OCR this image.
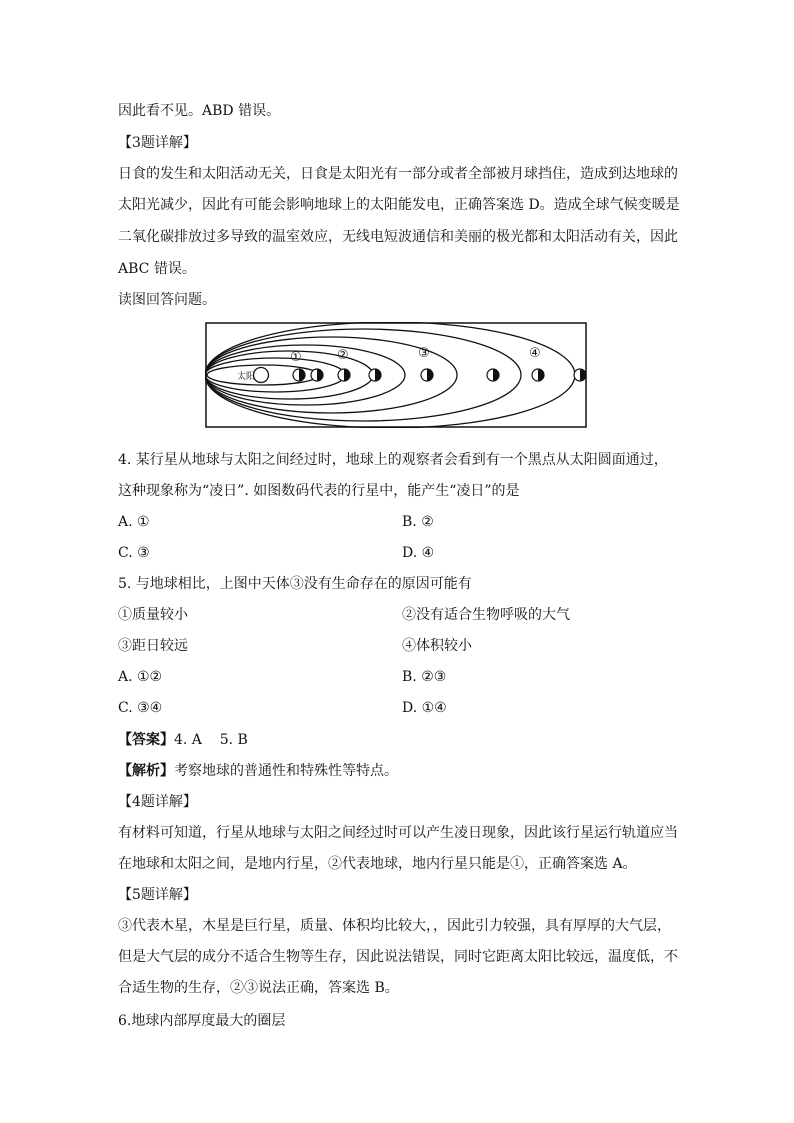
因此看不见。ABD 错误。
【3题详解】
日食的发生和太阳活动无关，日食是太阳光有一部分或者全部被月球挡住，造成到达地球的
太阳光减少，因此有可能会影响地球上的太阳能发电，正确答案选 D。造成全球气候变暖是
二氧化碳排放过多导致的温室效应，无线电短波通信和美丽的极光都和太阳活动有关，因此
ABC 错误。
读图回答问题。
太阳
①	②	③	④
4. 某行星从地球与太阳之间经过时，地球上的观察者会看到有一个黑点从太阳圆面通过，
这种现象称为“凌日”. 如图数码代表的行星中，能产生“凌日”的是
A. ①	B. ②
C. ③	D. ④
5. 与地球相比，上图中天体③没有生命存在的原因可能有
①质量较小	②没有适合生物呼吸的大气
③距日较远	④体积较小
A. ①②	B. ②③
C. ③④	D. ①④
【答案】4. A    5. B
【解析】考察地球的普通性和特殊性等特点。
【4题详解】
有材料可知道，行星从地球与太阳之间经过时可以产生凌日现象，因此该行星运行轨道应当
在地球和太阳之间，是地内行星，②代表地球，地内行星只能是①，正确答案选 A。
【5题详解】
③代表木星，木星是巨行星，质量、体积均比较大，，因此引力较强，具有厚厚的大气层，
但是大气层的成分不适合生物等生存，因此说法错误，同时它距离太阳比较远，温度低，不
合适生物的生存，②③说法正确，答案选 B。
6.地球内部厚度最大的圈层
